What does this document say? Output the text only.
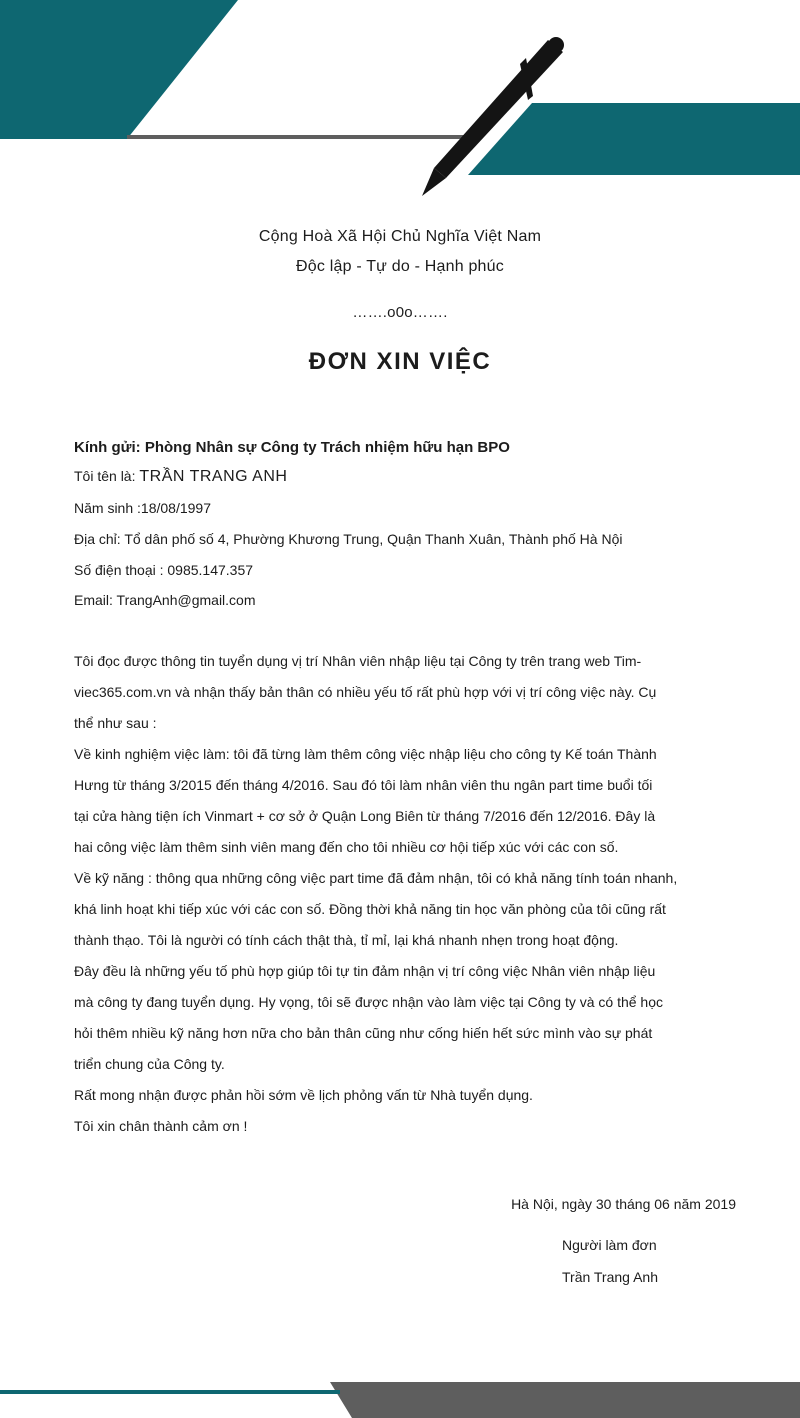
Cộng Hoà Xã Hội Chủ Nghĩa Việt Nam
Độc lập - Tự do - Hạnh phúc
…….o0o…….
ĐƠN XIN VIỆC
Kính gửi: Phòng Nhân sự Công ty Trách nhiệm hữu hạn BPO
Tôi tên là: TRẦN TRANG ANH
Năm sinh :18/08/1997
Địa chỉ: Tổ dân phố số 4, Phường Khương Trung, Quận Thanh Xuân, Thành phố Hà Nội
Số điện thoại : 0985.147.357
Email: TrangAnh@gmail.com
Tôi đọc được thông tin tuyển dụng vị trí Nhân viên nhập liệu tại Công ty trên trang web Tim-
viec365.com.vn và nhận thấy bản thân có nhiều yếu tố rất phù hợp với vị trí công việc này. Cụ
thể như sau :
Về kinh nghiệm việc làm: tôi đã từng làm thêm công việc nhập liệu cho công ty Kế toán Thành
Hưng từ tháng 3/2015 đến tháng 4/2016. Sau đó tôi làm nhân viên thu ngân part time buổi tối
tại cửa hàng tiện ích Vinmart + cơ sở ở Quận Long Biên từ tháng 7/2016 đến 12/2016. Đây là
hai công việc làm thêm sinh viên mang đến cho tôi nhiều cơ hội tiếp xúc với các con số.
Về kỹ năng : thông qua những công việc part time đã đảm nhận, tôi có khả năng tính toán nhanh,
khá linh hoạt khi tiếp xúc với các con số. Đồng thời khả năng tin học văn phòng của tôi cũng rất
thành thạo. Tôi là người có tính cách thật thà, tỉ mỉ, lại khá nhanh nhẹn trong hoạt động.
Đây đều là những yếu tố phù hợp giúp tôi tự tin đảm nhận vị trí công việc Nhân viên nhập liệu
mà công ty đang tuyển dụng. Hy vọng, tôi sẽ được nhận vào làm việc tại Công ty và có thể học
hỏi thêm nhiều kỹ năng hơn nữa cho bản thân cũng như cống hiến hết sức mình vào sự phát
triển chung của Công ty.
Rất mong nhận được phản hồi sớm về lịch phỏng vấn từ Nhà tuyển dụng.
Tôi xin chân thành cảm ơn !
Hà Nội, ngày 30 tháng 06 năm 2019
Người làm đơn
Trần Trang Anh
